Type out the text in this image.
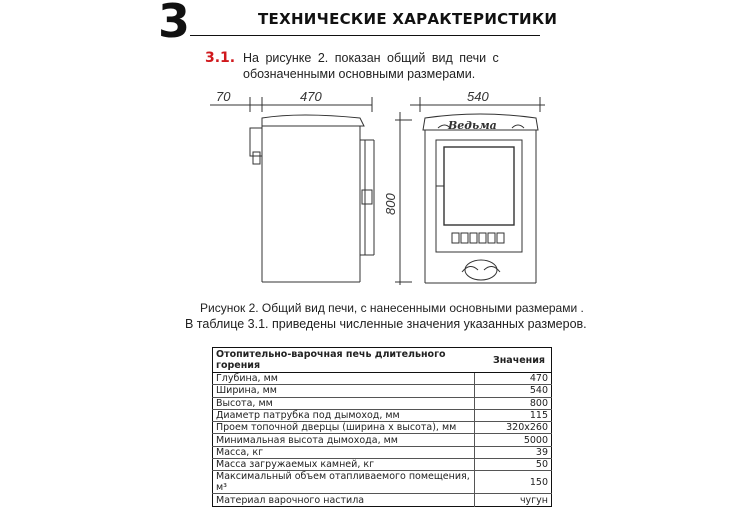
3	ТЕХНИЧЕСКИЕ ХАРАКТЕРИСТИКИ
3.1. На рисунке 2. показан общий вид печи с
обозначенными основными размерами.
70	470
800
540
Ведьма
Рисунок 2. Общий вид печи, с нанесенными основными размерами .
В таблице 3.1. приведены численные значения указанных размеров.
Отопительно-варочная печь длительного горения	Значения
Глубина, мм	470
Ширина, мм	540
Высота, мм	800
Диаметр патрубка под дымоход, мм	115
Проем топочной дверцы (ширина х высота), мм	320х260
Минимальная высота дымохода, мм	5000
Масса, кг	39
Масса загружаемых камней, кг	50
Максимальный объем отапливаемого помещения, м³	150
Материал варочного настила	чугун
